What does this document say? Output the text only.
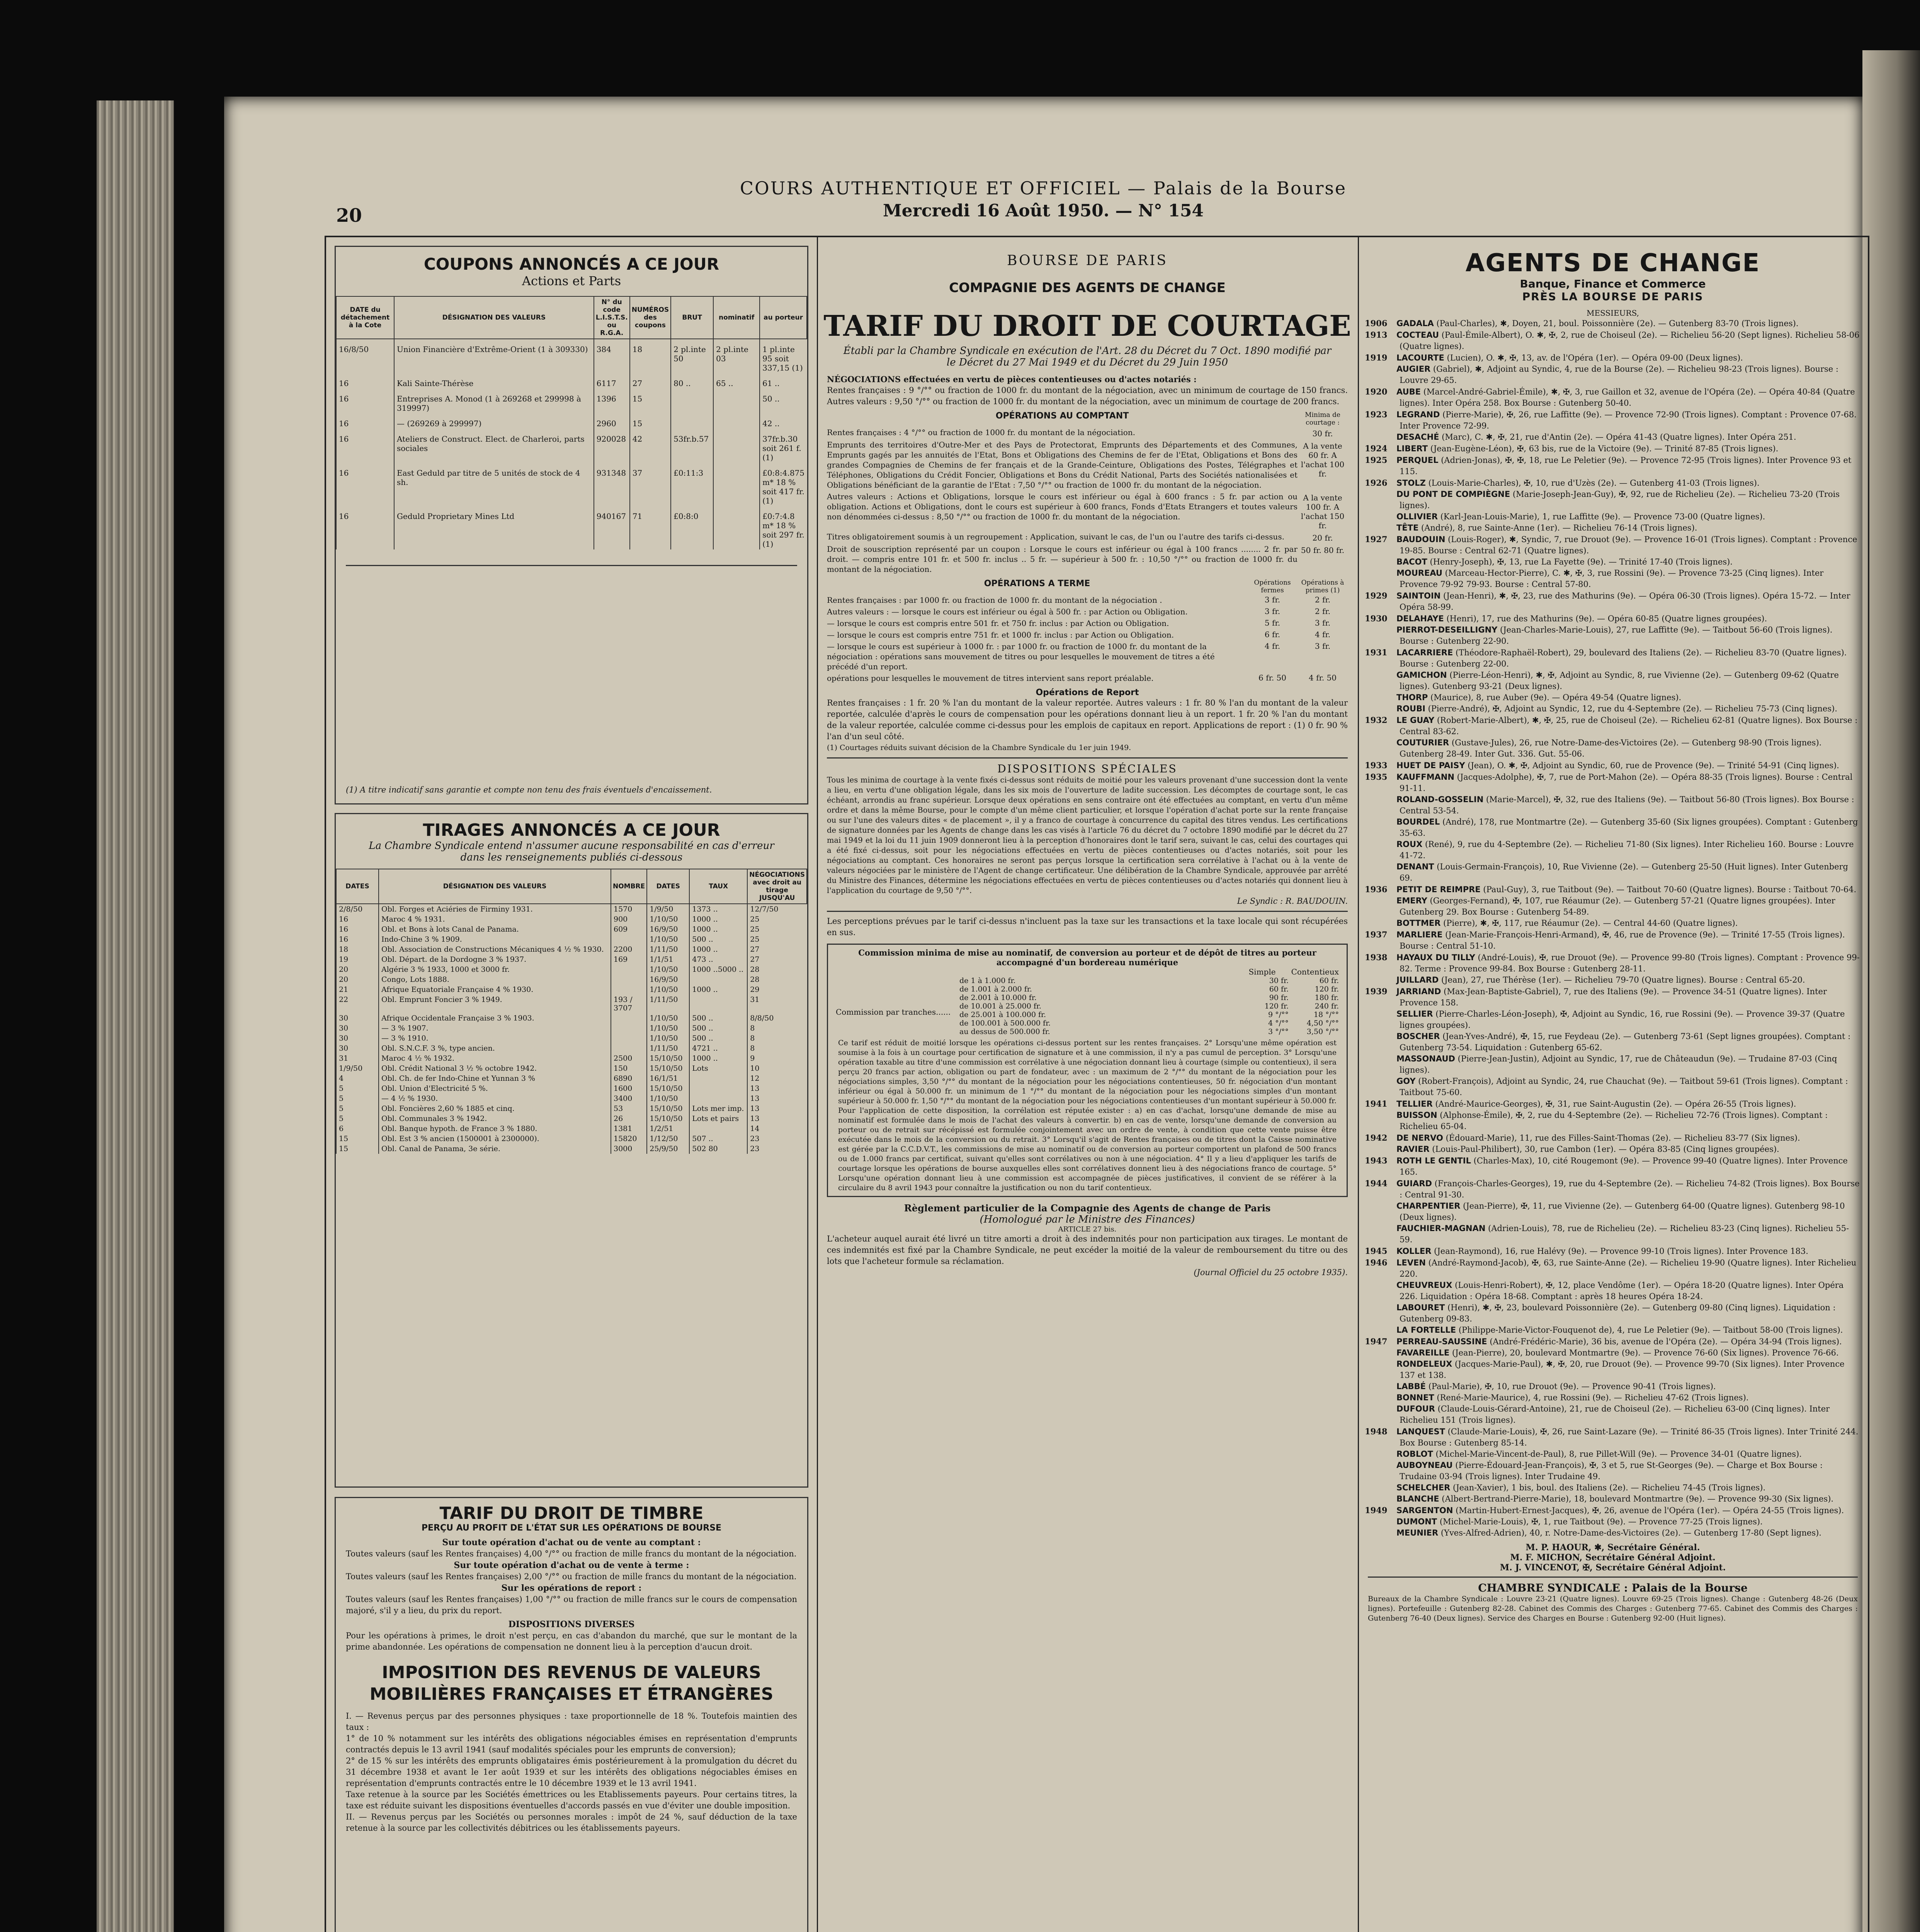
20
COURS AUTHENTIQUE ET OFFICIEL — Palais de la Bourse
Mercredi 16 Août 1950. — N° 154
COUPONS ANNONCÉS A CE JOUR
Actions et Parts
DATE du détachement à la Cote	DÉSIGNATION DES VALEURS	N° du code L.I.S.T.S. ou R.G.A.	NUMÉROS des coupons	BRUT	nominatif	au porteur
16/8/50	Union Financière d'Extrême-Orient (1 à 309330)	384	18	2 pl.inte 50	2 pl.inte 03	1 pl.inte 95 soit 337,15 (1)
16	Kali Sainte-Thérèse	6117	27	80 ..	65 ..	61 ..
16	Entreprises A. Monod (1 à 269268 et 299998 à 319997)	1396	15			50 ..
16	— (269269 à 299997)	2960	15			42 ..
16	Ateliers de Construct. Elect. de Charleroi, parts sociales	920028	42	53fr.b.57		37fr.b.30 soit 261 f. (1)
16	East Geduld par titre de 5 unités de stock de 4 sh.	931348	37	£0:11:3		£0:8:4.875 m* 18 % soit 417 fr. (1)
16	Geduld Proprietary Mines Ltd	940167	71	£0:8:0		£0:7:4.8 m* 18 % soit 297 fr. (1)
(1) A titre indicatif sans garantie et compte non tenu des frais éventuels d'encaissement.
TIRAGES ANNONCÉS A CE JOUR
La Chambre Syndicale entend n'assumer aucune responsabilité en cas d'erreur dans les renseignements publiés ci-dessous
DATES	DÉSIGNATION DES VALEURS	NOMBRE	DATES	TAUX	NÉGOCIATIONS avec droit au tirage JUSQU'AU
2/8/50	Obl. Forges et Aciéries de Firminy 1931.	1570	1/9/50	1373 ..	12/7/50
16	Maroc 4 % 1931.	900	1/10/50	1000 ..	25
16	Obl. et Bons à lots Canal de Panama.	609	16/9/50	1000 ..	25
16	Indo-Chine 3 % 1909.		1/10/50	500 ..	25
18	Obl. Association de Constructions Mécaniques 4 ½ % 1930.	2200	1/11/50	1000 ..	27
19	Obl. Départ. de la Dordogne 3 % 1937.	169	1/1/51	473 ..	27
20	Algérie 3 % 1933, 1000 et 3000 fr.		1/10/50	1000 ..5000 ..	28
20	Congo, Lots 1888.		16/9/50		28
21	Afrique Equatoriale Française 4 % 1930.		1/10/50	1000 ..	29
22	Obl. Emprunt Foncier 3 % 1949.	193 / 3707	1/11/50		31
30	Afrique Occidentale Française 3 % 1903.		1/10/50	500 ..	8/8/50
30	— 3 % 1907.		1/10/50	500 ..	8
30	— 3 % 1910.		1/10/50	500 ..	8
30	Obl. S.N.C.F. 3 %, type ancien.		1/11/50	4721 ..	8
31	Maroc 4 ½ % 1932.	2500	15/10/50	1000 ..	9
1/9/50	Obl. Crédit National 3 ½ % octobre 1942.	150	15/10/50	Lots	10
4	Obl. Ch. de fer Indo-Chine et Yunnan 3 %	6890	16/1/51		12
5	Obl. Union d'Electricité 5 %.	1600	15/10/50		13
5	— 4 ½ % 1930.	3400	1/10/50		13
5	Obl. Foncières 2,60 % 1885 et cinq.	53	15/10/50	Lots mer imp.	13
5	Obl. Communales 3 % 1942.	26	15/10/50	Lots et pairs	13
6	Obl. Banque hypoth. de France 3 % 1880.	1381	1/2/51		14
15	Obl. Est 3 % ancien (1500001 à 2300000).	15820	1/12/50	507 ..	23
15	Obl. Canal de Panama, 3e série.	3000	25/9/50	502 80	23
TARIF DU DROIT DE TIMBRE
PERÇU AU PROFIT DE L'ÉTAT SUR LES OPÉRATIONS DE BOURSE
Sur toute opération d'achat ou de vente au comptant :
Toutes valeurs (sauf les Rentes françaises) 4,00 °/°° ou fraction de mille francs du montant de la négociation.
Sur toute opération d'achat ou de vente à terme :
Toutes valeurs (sauf les Rentes françaises) 2,00 °/°° ou fraction de mille francs du montant de la négociation.
Sur les opérations de report :
Toutes valeurs (sauf les Rentes françaises) 1,00 °/°° ou fraction de mille francs sur le cours de compensation majoré, s'il y a lieu, du prix du report.
DISPOSITIONS DIVERSES
Pour les opérations à primes, le droit n'est perçu, en cas d'abandon du marché, que sur le montant de la prime abandonnée. Les opérations de compensation ne donnent lieu à la perception d'aucun droit.
IMPOSITION DES REVENUS DE VALEURS MOBILIÈRES FRANÇAISES ET ÉTRANGÈRES
I. — Revenus perçus par des personnes physiques : taxe proportionnelle de 18 %. Toutefois maintien des taux :
1° de 10 % notamment sur les intérêts des obligations négociables émises en représentation d'emprunts contractés depuis le 13 avril 1941 (sauf modalités spéciales pour les emprunts de conversion);
2° de 15 % sur les intérêts des emprunts obligataires émis postérieurement à la promulgation du décret du 31 décembre 1938 et avant le 1er août 1939 et sur les intérêts des obligations négociables émises en représentation d'emprunts contractés entre le 10 décembre 1939 et le 13 avril 1941.
Taxe retenue à la source par les Sociétés émettrices ou les Etablissements payeurs. Pour certains titres, la taxe est réduite suivant les dispositions éventuelles d'accords passés en vue d'éviter une double imposition.
II. — Revenus perçus par les Sociétés ou personnes morales : impôt de 24 %, sauf déduction de la taxe retenue à la source par les collectivités débitrices ou les établissements payeurs.
BOURSE DE PARIS
COMPAGNIE DES AGENTS DE CHANGE
TARIF DU DROIT DE COURTAGE
Établi par la Chambre Syndicale en exécution de l'Art. 28 du Décret du 7 Oct. 1890 modifié par le Décret du 27 Mai 1949 et du Décret du 29 Juin 1950
NÉGOCIATIONS effectuées en vertu de pièces contentieuses ou d'actes notariés :
Rentes françaises : 9 °/°° ou fraction de 1000 fr. du montant de la négociation, avec un minimum de courtage de 150 francs. Autres valeurs : 9,50 °/°° ou fraction de 1000 fr. du montant de la négociation, avec un minimum de courtage de 200 francs.
OPÉRATIONS AU COMPTANT	Minima de courtage :
Rentes françaises : 4 °/°° ou fraction de 1000 fr. du montant de la négociation.	30 fr.
Emprunts des territoires d'Outre-Mer et des Pays de Protectorat, Emprunts des Départements et des Communes, Emprunts gagés par les annuités de l'Etat, Bons et Obligations des Chemins de fer de l'Etat, Obligations et Bons des grandes Compagnies de Chemins de fer français et de la Grande-Ceinture, Obligations des Postes, Télégraphes et Téléphones, Obligations du Crédit Foncier, Obligations et Bons du Crédit National, Parts des Sociétés nationalisées et Obligations bénéficiant de la garantie de l'Etat : 7,50 °/°° ou fraction de 1000 fr. du montant de la négociation.
A la vente 60 fr. A l'achat 100 fr.
Autres valeurs : Actions et Obligations, lorsque le cours est inférieur ou égal à 600 francs : 5 fr. par action ou obligation. Actions et Obligations, dont le cours est supérieur à 600 francs, Fonds d'Etats Etrangers et toutes valeurs non dénommées ci-dessus : 8,50 °/°° ou fraction de 1000 fr. du montant de la négociation.
A la vente 100 fr. A l'achat 150 fr.
Titres obligatoirement soumis à un regroupement : Application, suivant le cas, de l'un ou l'autre des tarifs ci-dessus.	20 fr.
Droit de souscription représenté par un coupon : Lorsque le cours est inférieur ou égal à 100 francs ........ 2 fr. par droit. — compris entre 101 fr. et 500 fr. inclus .. 5 fr. — supérieur à 500 fr. : 10,50 °/°° ou fraction de 1000 fr. du montant de la négociation.
50 fr. 80 fr.
OPÉRATIONS A TERME	Opérations fermes
Opérations à primes (1)
Rentes françaises : par 1000 fr. ou fraction de 1000 fr. du montant de la négociation .	3 fr.	2 fr.
Autres valeurs : — lorsque le cours est inférieur ou égal à 500 fr. : par Action ou Obligation.	3 fr.	2 fr.
— lorsque le cours est compris entre 501 fr. et 750 fr. inclus : par Action ou Obligation.	5 fr.	3 fr.
— lorsque le cours est compris entre 751 fr. et 1000 fr. inclus : par Action ou Obligation.	6 fr.	4 fr.
— lorsque le cours est supérieur à 1000 fr. : par 1000 fr. ou fraction de 1000 fr. du montant de la négociation : opérations sans mouvement de titres ou pour lesquelles le mouvement de titres a été précédé d'un report.
4 fr.	3 fr.
opérations pour lesquelles le mouvement de titres intervient sans report préalable.	6 fr. 50	4 fr. 50
Opérations de Report
Rentes françaises : 1 fr. 20 % l'an du montant de la valeur reportée. Autres valeurs : 1 fr. 80 % l'an du montant de la valeur reportée, calculée d'après le cours de compensation pour les opérations donnant lieu à un report. 1 fr. 20 % l'an du montant de la valeur reportée, calculée comme ci-dessus pour les emplois de capitaux en report. Applications de report : (1) 0 fr. 90 % l'an d'un seul côté.
(1) Courtages réduits suivant décision de la Chambre Syndicale du 1er juin 1949.
DISPOSITIONS SPÉCIALES
Tous les minima de courtage à la vente fixés ci-dessus sont réduits de moitié pour les valeurs provenant d'une succession dont la vente a lieu, en vertu d'une obligation légale, dans les six mois de l'ouverture de ladite succession. Les décomptes de courtage sont, le cas échéant, arrondis au franc supérieur. Lorsque deux opérations en sens contraire ont été effectuées au comptant, en vertu d'un même ordre et dans la même Bourse, pour le compte d'un même client particulier, et lorsque l'opération d'achat porte sur la rente française ou sur l'une des valeurs dites « de placement », il y a franco de courtage à concurrence du capital des titres vendus. Les certifications de signature données par les Agents de change dans les cas visés à l'article 76 du décret du 7 octobre 1890 modifié par le décret du 27 mai 1949 et la loi du 11 juin 1909 donneront lieu à la perception d'honoraires dont le tarif sera, suivant le cas, celui des courtages qui a été fixé ci-dessus, soit pour les négociations effectuées en vertu de pièces contentieuses ou d'actes notariés, soit pour les négociations au comptant. Ces honoraires ne seront pas perçus lorsque la certification sera corrélative à l'achat ou à la vente de valeurs négociées par le ministère de l'Agent de change certificateur. Une délibération de la Chambre Syndicale, approuvée par arrêté du Ministre des Finances, détermine les négociations effectuées en vertu de pièces contentieuses ou d'actes notariés qui donnent lieu à l'application du courtage de 9,50 °/°°.
Le Syndic : R. BAUDOUIN.
Les perceptions prévues par le tarif ci-dessus n'incluent pas la taxe sur les transactions et la taxe locale qui sont récupérées en sus.
Commission minima de mise au nominatif, de conversion au porteur et de dépôt de titres au porteur accompagné d'un bordereau numérique
Simple Contentieux
Commission par tranches......
de 1 à 1.000 fr.	30 fr.	60 fr.
de 1.001 à 2.000 fr.	60 fr.	120 fr.
de 2.001 à 10.000 fr.	90 fr.	180 fr.
de 10.001 à 25.000 fr.	120 fr.	240 fr.
de 25.001 à 100.000 fr.	9 °/°°	18 °/°°
de 100.001 à 500.000 fr.	4 °/°°	4,50 °/°°
au dessus de 500.000 fr.	3 °/°°	3,50 °/°°
Ce tarif est réduit de moitié lorsque les opérations ci-dessus portent sur les rentes françaises. 2° Lorsqu'une même opération est soumise à la fois à un courtage pour certification de signature et à une commission, il n'y a pas cumul de perception. 3° Lorsqu'une opération taxable au titre d'une commission est corrélative à une négociation donnant lieu à courtage (simple ou contentieux), il sera perçu 20 francs par action, obligation ou part de fondateur, avec : un maximum de 2 °/°° du montant de la négociation pour les négociations simples, 3,50 °/°° du montant de la négociation pour les négociations contentieuses, 50 fr. négociation d'un montant inférieur ou égal à 50.000 fr. un minimum de 1 °/°° du montant de la négociation pour les négociations simples d'un montant supérieur à 50.000 fr. 1,50 °/°° du montant de la négociation pour les négociations contentieuses d'un montant supérieur à 50.000 fr. Pour l'application de cette disposition, la corrélation est réputée exister : a) en cas d'achat, lorsqu'une demande de mise au nominatif est formulée dans le mois de l'achat des valeurs à convertir. b) en cas de vente, lorsqu'une demande de conversion au porteur ou de retrait sur récépissé est formulée conjointement avec un ordre de vente, à condition que cette vente puisse être exécutée dans le mois de la conversion ou du retrait. 3° Lorsqu'il s'agit de Rentes françaises ou de titres dont la Caisse nominative est gérée par la C.C.D.V.T., les commissions de mise au nominatif ou de conversion au porteur comportent un plafond de 500 francs ou de 1.000 francs par certificat, suivant qu'elles sont corrélatives ou non à une négociation. 4° Il y a lieu d'appliquer les tarifs de courtage lorsque les opérations de bourse auxquelles elles sont corrélatives donnent lieu à des négociations franco de courtage. 5° Lorsqu'une opération donnant lieu à une commission est accompagnée de pièces justificatives, il convient de se référer à la circulaire du 8 avril 1943 pour connaître la justification ou non du tarif contentieux.
Règlement particulier de la Compagnie des Agents de change de Paris
(Homologué par le Ministre des Finances)
ARTICLE 27 bis.
L'acheteur auquel aurait été livré un titre amorti a droit à des indemnités pour non participation aux tirages. Le montant de ces indemnités est fixé par la Chambre Syndicale, ne peut excéder la moitié de la valeur de remboursement du titre ou des lots que l'acheteur formule sa réclamation.
(Journal Officiel du 25 octobre 1935).
AGENTS DE CHANGE
Banque, Finance et Commerce
PRÈS LA BOURSE DE PARIS
MESSIEURS,
1906 GADALA (Paul-Charles), ✱, Doyen, 21, boul. Poissonnière (2e). — Gutenberg 83-70 (Trois lignes).
1913 COCTEAU (Paul-Émile-Albert), O. ✱, ✠, 2, rue de Choiseul (2e). — Richelieu 56-20 (Sept lignes). Richelieu 58-06 (Quatre lignes).
1919 LACOURTE (Lucien), O. ✱, ✠, 13, av. de l'Opéra (1er). — Opéra 09-00 (Deux lignes).
AUGIER (Gabriel), ✱, Adjoint au Syndic, 4, rue de la Bourse (2e). — Richelieu 98-23 (Trois lignes). Bourse : Louvre 29-65.
1920 AUBE (Marcel-André-Gabriel-Émile), ✱, ✠, 3, rue Gaillon et 32, avenue de l'Opéra (2e). — Opéra 40-84 (Quatre lignes). Inter Opéra 258. Box Bourse : Gutenberg 50-40.
1923 LEGRAND (Pierre-Marie), ✠, 26, rue Laffitte (9e). — Provence 72-90 (Trois lignes). Comptant : Provence 07-68. Inter Provence 72-99.
DESACHÉ (Marc), C. ✱, ✠, 21, rue d'Antin (2e). — Opéra 41-43 (Quatre lignes). Inter Opéra 251.
1924 LIBERT (Jean-Eugène-Léon), ✠, 63 bis, rue de la Victoire (9e). — Trinité 87-85 (Trois lignes).
1925 PERQUEL (Adrien-Jonas), ✠, ✠, 18, rue Le Peletier (9e). — Provence 72-95 (Trois lignes). Inter Provence 93 et 115.
1926 STOLZ (Louis-Marie-Charles), ✠, 10, rue d'Uzès (2e). — Gutenberg 41-03 (Trois lignes).
DU PONT DE COMPIÈGNE (Marie-Joseph-Jean-Guy), ✠, 92, rue de Richelieu (2e). — Richelieu 73-20 (Trois lignes).
OLLIVIER (Karl-Jean-Louis-Marie), 1, rue Laffitte (9e). — Provence 73-00 (Quatre lignes).
TÊTE (André), 8, rue Sainte-Anne (1er). — Richelieu 76-14 (Trois lignes).
1927 BAUDOUIN (Louis-Roger), ✱, Syndic, 7, rue Drouot (9e). — Provence 16-01 (Trois lignes). Comptant : Provence 19-85. Bourse : Central 62-71 (Quatre lignes).
BACOT (Henry-Joseph), ✠, 13, rue La Fayette (9e). — Trinité 17-40 (Trois lignes).
MOUREAU (Marceau-Hector-Pierre), C. ✱, ✠, 3, rue Rossini (9e). — Provence 73-25 (Cinq lignes). Inter Provence 79-92 79-93. Bourse : Central 57-80.
1929 SAINTOIN (Jean-Henri), ✱, ✠, 23, rue des Mathurins (9e). — Opéra 06-30 (Trois lignes). Opéra 15-72. — Inter Opéra 58-99.
1930 DELAHAYE (Henri), 17, rue des Mathurins (9e). — Opéra 60-85 (Quatre lignes groupées).
PIERROT-DESEILLIGNY (Jean-Charles-Marie-Louis), 27, rue Laffitte (9e). — Taitbout 56-60 (Trois lignes). Bourse : Gutenberg 22-90.
1931 LACARRIERE (Théodore-Raphaël-Robert), 29, boulevard des Italiens (2e). — Richelieu 83-70 (Quatre lignes). Bourse : Gutenberg 22-00.
GAMICHON (Pierre-Léon-Henri), ✱, ✠, Adjoint au Syndic, 8, rue Vivienne (2e). — Gutenberg 09-62 (Quatre lignes). Gutenberg 93-21 (Deux lignes).
THORP (Maurice), 8, rue Auber (9e). — Opéra 49-54 (Quatre lignes).
ROUBI (Pierre-André), ✠, Adjoint au Syndic, 12, rue du 4-Septembre (2e). — Richelieu 75-73 (Cinq lignes).
1932 LE GUAY (Robert-Marie-Albert), ✱, ✠, 25, rue de Choiseul (2e). — Richelieu 62-81 (Quatre lignes). Box Bourse : Central 83-62.
COUTURIER (Gustave-Jules), 26, rue Notre-Dame-des-Victoires (2e). — Gutenberg 98-90 (Trois lignes). Gutenberg 28-49. Inter Gut. 336. Gut. 55-06.
1933 HUET DE PAISY (Jean), O. ✱, ✠, Adjoint au Syndic, 60, rue de Provence (9e). — Trinité 54-91 (Cinq lignes).
1935 KAUFFMANN (Jacques-Adolphe), ✠, 7, rue de Port-Mahon (2e). — Opéra 88-35 (Trois lignes). Bourse : Central 91-11.
ROLAND-GOSSELIN (Marie-Marcel), ✠, 32, rue des Italiens (9e). — Taitbout 56-80 (Trois lignes). Box Bourse : Central 53-54.
BOURDEL (André), 178, rue Montmartre (2e). — Gutenberg 35-60 (Six lignes groupées). Comptant : Gutenberg 35-63.
ROUX (René), 9, rue du 4-Septembre (2e). — Richelieu 71-80 (Six lignes). Inter Richelieu 160. Bourse : Louvre 41-72.
DENANT (Louis-Germain-François), 10, Rue Vivienne (2e). — Gutenberg 25-50 (Huit lignes). Inter Gutenberg 69.
1936 PETIT DE REIMPRE (Paul-Guy), 3, rue Taitbout (9e). — Taitbout 70-60 (Quatre lignes). Bourse : Taitbout 70-64.
EMERY (Georges-Fernand), ✠, 107, rue Réaumur (2e). — Gutenberg 57-21 (Quatre lignes groupées). Inter Gutenberg 29. Box Bourse : Gutenberg 54-89.
BOTTMER (Pierre), ✱, ✠, 117, rue Réaumur (2e). — Central 44-60 (Quatre lignes).
1937 MARLIERE (Jean-Marie-François-Henri-Armand), ✠, 46, rue de Provence (9e). — Trinité 17-55 (Trois lignes). Bourse : Central 51-10.
1938 HAYAUX DU TILLY (André-Louis), ✠, rue Drouot (9e). — Provence 99-80 (Trois lignes). Comptant : Provence 99-82. Terme : Provence 99-84. Box Bourse : Gutenberg 28-11.
JUILLARD (Jean), 27, rue Thérèse (1er). — Richelieu 79-70 (Quatre lignes). Bourse : Central 65-20.
1939 JARRIAND (Max-Jean-Baptiste-Gabriel), 7, rue des Italiens (9e). — Provence 34-51 (Quatre lignes). Inter Provence 158.
SELLIER (Pierre-Charles-Léon-Joseph), ✠, Adjoint au Syndic, 16, rue Rossini (9e). — Provence 39-37 (Quatre lignes groupées).
BOSCHER (Jean-Yves-André), ✠, 15, rue Feydeau (2e). — Gutenberg 73-61 (Sept lignes groupées). Comptant : Gutenberg 73-54. Liquidation : Gutenberg 65-62.
MASSONAUD (Pierre-Jean-Justin), Adjoint au Syndic, 17, rue de Châteaudun (9e). — Trudaine 87-03 (Cinq lignes).
GOY (Robert-François), Adjoint au Syndic, 24, rue Chauchat (9e). — Taitbout 59-61 (Trois lignes). Comptant : Taitbout 75-60.
1941 TELLIER (André-Maurice-Georges), ✠, 31, rue Saint-Augustin (2e). — Opéra 26-55 (Trois lignes).
BUISSON (Alphonse-Émile), ✠, 2, rue du 4-Septembre (2e). — Richelieu 72-76 (Trois lignes). Comptant : Richelieu 65-04.
1942 DE NERVO (Édouard-Marie), 11, rue des Filles-Saint-Thomas (2e). — Richelieu 83-77 (Six lignes).
RAVIER (Louis-Paul-Philibert), 30, rue Cambon (1er). — Opéra 83-85 (Cinq lignes groupées).
1943 ROTH LE GENTIL (Charles-Max), 10, cité Rougemont (9e). — Provence 99-40 (Quatre lignes). Inter Provence 165.
1944 GUIARD (François-Charles-Georges), 19, rue du 4-Septembre (2e). — Richelieu 74-82 (Trois lignes). Box Bourse : Central 91-30.
CHARPENTIER (Jean-Pierre), ✠, 11, rue Vivienne (2e). — Gutenberg 64-00 (Quatre lignes). Gutenberg 98-10 (Deux lignes).
FAUCHIER-MAGNAN (Adrien-Louis), 78, rue de Richelieu (2e). — Richelieu 83-23 (Cinq lignes). Richelieu 55-59.
1945 KOLLER (Jean-Raymond), 16, rue Halévy (9e). — Provence 99-10 (Trois lignes). Inter Provence 183.
1946 LEVEN (André-Raymond-Jacob), ✠, 63, rue Sainte-Anne (2e). — Richelieu 19-90 (Quatre lignes). Inter Richelieu 220.
CHEUVREUX (Louis-Henri-Robert), ✠, 12, place Vendôme (1er). — Opéra 18-20 (Quatre lignes). Inter Opéra 226. Liquidation : Opéra 18-68. Comptant : après 18 heures Opéra 18-24.
LABOURET (Henri), ✱, ✠, 23, boulevard Poissonnière (2e). — Gutenberg 09-80 (Cinq lignes). Liquidation : Gutenberg 09-83.
LA FORTELLE (Philippe-Marie-Victor-Fouquenot de), 4, rue Le Peletier (9e). — Taitbout 58-00 (Trois lignes).
1947 PERREAU-SAUSSINE (André-Frédéric-Marie), 36 bis, avenue de l'Opéra (2e). — Opéra 34-94 (Trois lignes).
FAVAREILLE (Jean-Pierre), 20, boulevard Montmartre (9e). — Provence 76-60 (Six lignes). Provence 76-66.
RONDELEUX (Jacques-Marie-Paul), ✱, ✠, 20, rue Drouot (9e). — Provence 99-70 (Six lignes). Inter Provence 137 et 138.
LABBÉ (Paul-Marie), ✠, 10, rue Drouot (9e). — Provence 90-41 (Trois lignes).
BONNET (René-Marie-Maurice), 4, rue Rossini (9e). — Richelieu 47-62 (Trois lignes).
DUFOUR (Claude-Louis-Gérard-Antoine), 21, rue de Choiseul (2e). — Richelieu 63-00 (Cinq lignes). Inter Richelieu 151 (Trois lignes).
1948 LANQUEST (Claude-Marie-Louis), ✠, 26, rue Saint-Lazare (9e). — Trinité 86-35 (Trois lignes). Inter Trinité 244. Box Bourse : Gutenberg 85-14.
ROBLOT (Michel-Marie-Vincent-de-Paul), 8, rue Pillet-Will (9e). — Provence 34-01 (Quatre lignes).
AUBOYNEAU (Pierre-Édouard-Jean-François), ✠, 3 et 5, rue St-Georges (9e). — Charge et Box Bourse : Trudaine 03-94 (Trois lignes). Inter Trudaine 49.
SCHELCHER (Jean-Xavier), 1 bis, boul. des Italiens (2e). — Richelieu 74-45 (Trois lignes).
BLANCHE (Albert-Bertrand-Pierre-Marie), 18, boulevard Montmartre (9e). — Provence 99-30 (Six lignes).
1949 SARGENTON (Martin-Hubert-Ernest-Jacques), ✠, 26, avenue de l'Opéra (1er). — Opéra 24-55 (Trois lignes).
DUMONT (Michel-Marie-Louis), ✠, 1, rue Taitbout (9e). — Provence 77-25 (Trois lignes).
MEUNIER (Yves-Alfred-Adrien), 40, r. Notre-Dame-des-Victoires (2e). — Gutenberg 17-80 (Sept lignes).
M. P. HAOUR, ✱, Secrétaire Général.
M. F. MICHON, Secrétaire Général Adjoint.
M. J. VINCENOT, ✠, Secrétaire Général Adjoint.
CHAMBRE SYNDICALE : Palais de la Bourse
Bureaux de la Chambre Syndicale : Louvre 23-21 (Quatre lignes). Louvre 69-25 (Trois lignes). Change : Gutenberg 48-26 (Deux lignes). Portefeuille : Gutenberg 82-28. Cabinet des Commis des Charges : Gutenberg 77-65. Cabinet des Commis des Charges : Gutenberg 76-40 (Deux lignes). Service des Charges en Bourse : Gutenberg 92-00 (Huit lignes).
